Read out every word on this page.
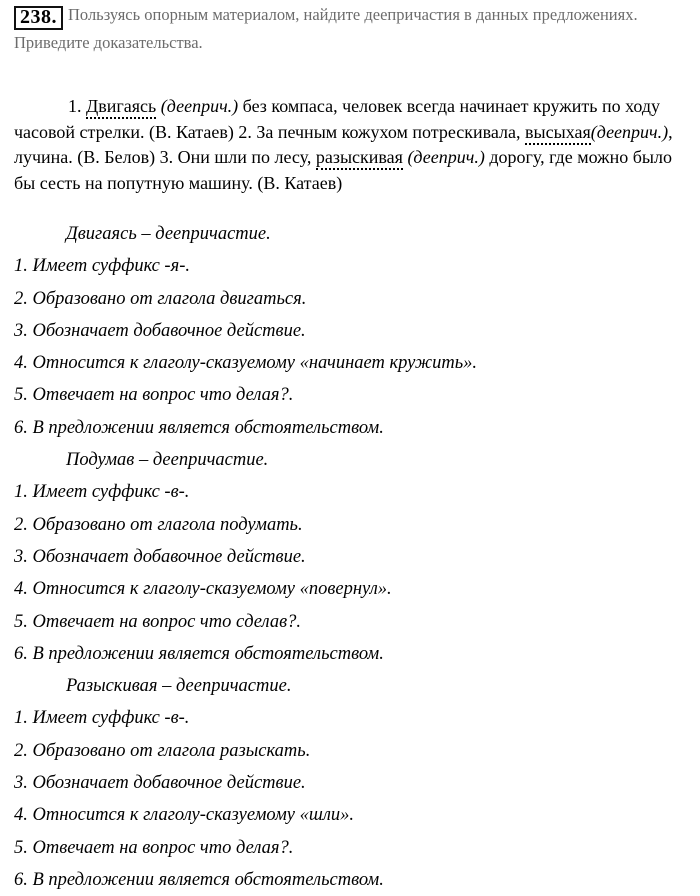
238. Пользуясь опорным материалом, найдите деепричастия в данных предложениях. Приведите доказательства.

1. Двигаясь (дееприч.) без компаса, человек всегда начинает кружить по ходу часовой стрелки. (В. Катаев) 2. За печным кожухом потрескивала, высыхая(дееприч.), лучина. (В. Белов) 3. Они шли по лесу, разыскивая (дееприч.) дорогу, где можно было бы сесть на попутную машину. (В. Катаев)

Двигаясь – деепричастие.
1. Имеет суффикс -я-.
2. Образовано от глагола двигаться.
3. Обозначает добавочное действие.
4. Относится к глаголу-сказуемому «начинает кружить».
5. Отвечает на вопрос что делая?.
6. В предложении является обстоятельством.
Подумав – деепричастие.
1. Имеет суффикс -в-.
2. Образовано от глагола подумать.
3. Обозначает добавочное действие.
4. Относится к глаголу-сказуемому «повернул».
5. Отвечает на вопрос что сделав?.
6. В предложении является обстоятельством.
Разыскивая – деепричастие.
1. Имеет суффикс -в-.
2. Образовано от глагола разыскать.
3. Обозначает добавочное действие.
4. Относится к глаголу-сказуемому «шли».
5. Отвечает на вопрос что делая?.
6. В предложении является обстоятельством.
